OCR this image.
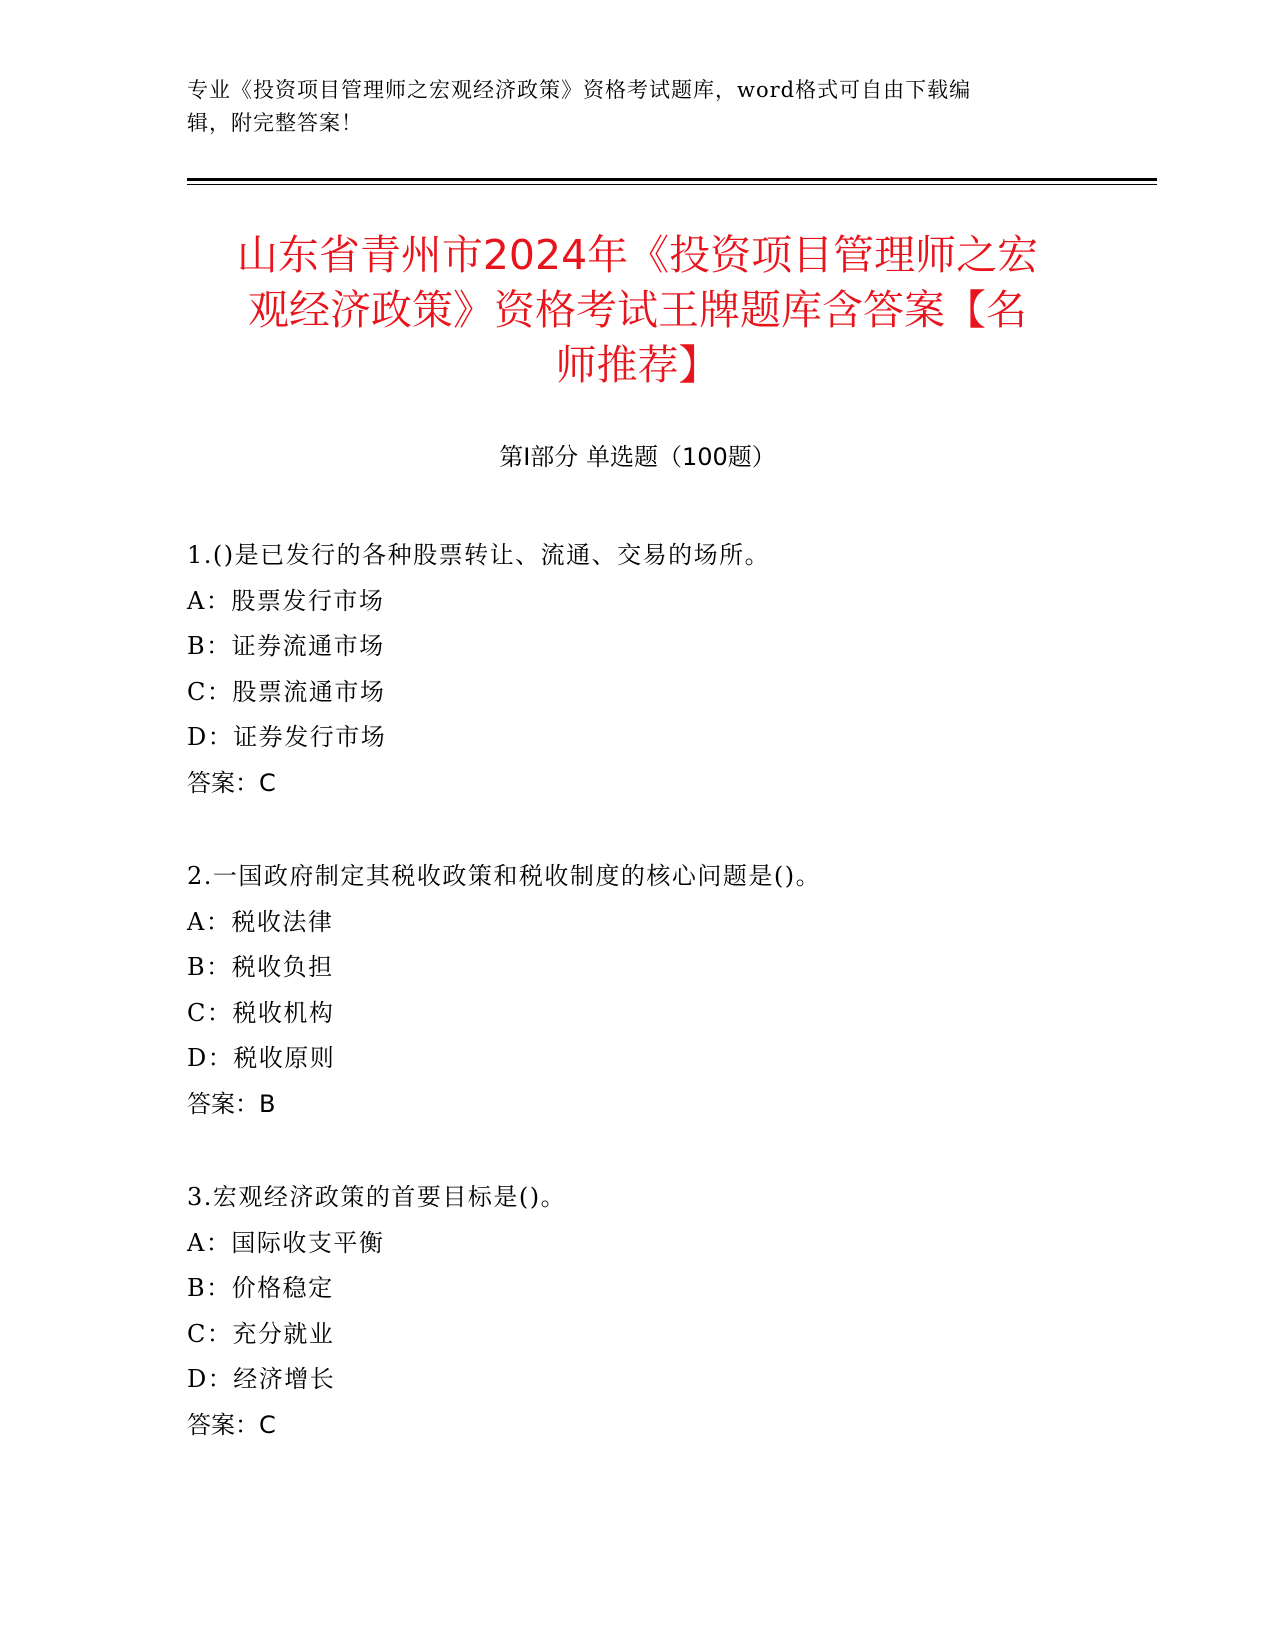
专业《投资项目管理师之宏观经济政策》资格考试题库，word格式可自由下载编
辑，附完整答案！
山东省青州市2024年《投资项目管理师之宏
观经济政策》资格考试王牌题库含答案【名
师推荐】
第Ⅰ部分 单选题（100题）
1.()是已发行的各种股票转让、流通、交易的场所。
A：股票发行市场
B：证券流通市场
C：股票流通市场
D：证券发行市场
答案：C
2.一国政府制定其税收政策和税收制度的核心问题是()。
A：税收法律
B：税收负担
C：税收机构
D：税收原则
答案：B
3.宏观经济政策的首要目标是()。
A：国际收支平衡
B：价格稳定
C：充分就业
D：经济增长
答案：C
